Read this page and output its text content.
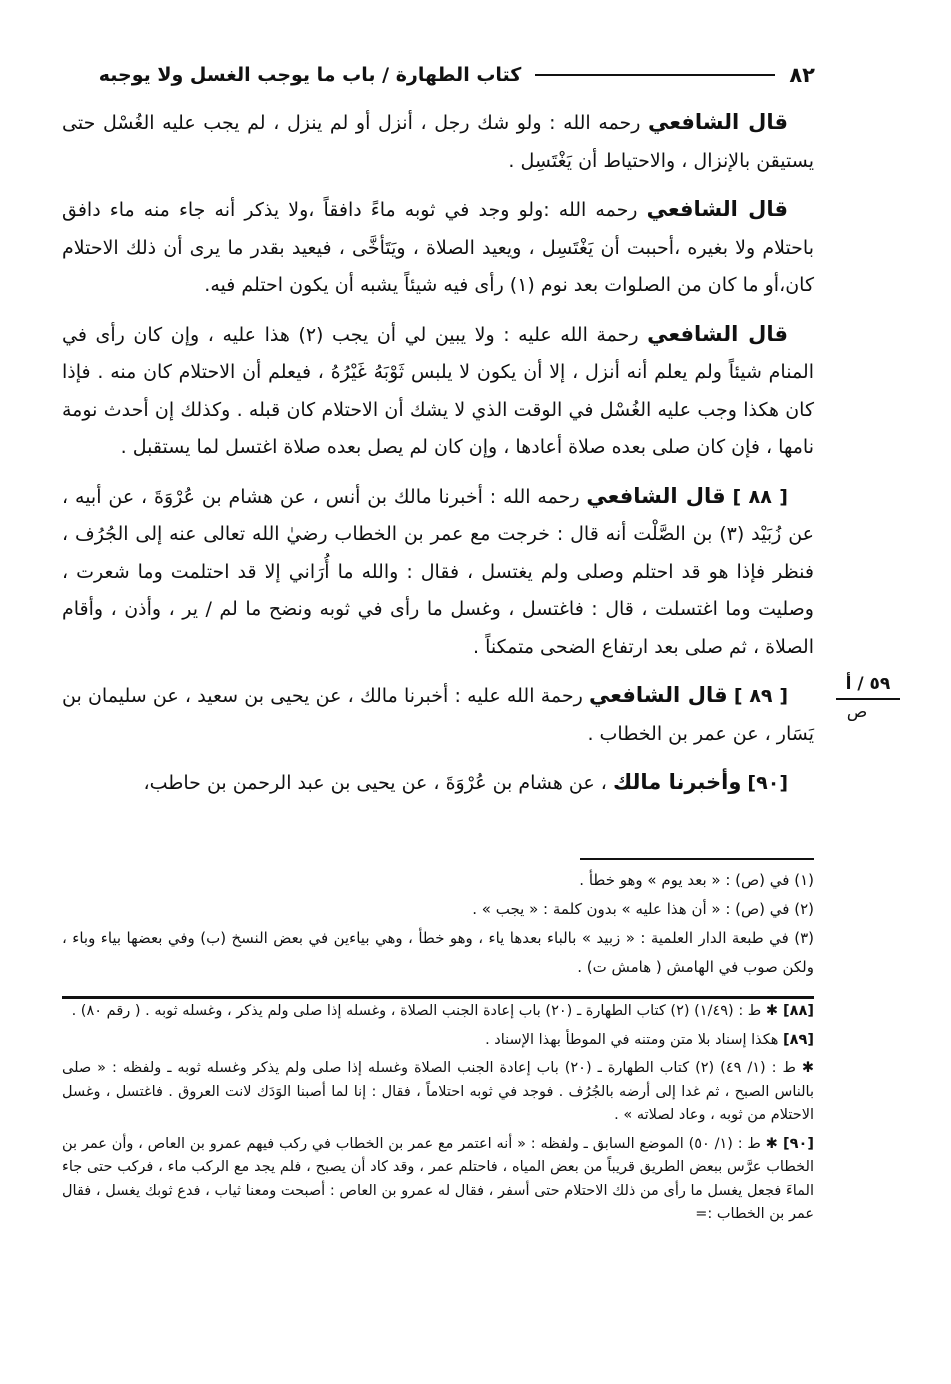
٨٢
كتاب الطهارة / باب ما يوجب الغسل ولا يوجبه

قال الشافعي رحمه الله : ولو شك رجل ، أنزل أو لم ينزل ، لم يجب عليه الغُسْل حتى يستيقن بالإنزال ، والاحتياط أن يَغْتَسِل .

قال الشافعي رحمه الله :ولو وجد في ثوبه ماءً دافقاً ،ولا يذكر أنه جاء منه ماء دافق باحتلام ولا بغيره ،أحببت أن يَغْتَسِل ، ويعيد الصلاة ، ويَتَأخَّى ، فيعيد بقدر ما يرى أن ذلك الاحتلام كان،أو ما كان من الصلوات بعد نوم (١) رأى فيه شيئاً يشبه أن يكون احتلم فيه.

قال الشافعي رحمة الله عليه : ولا يبين لي أن يجب (٢) هذا عليه ، وإن كان رأى في المنام شيئاً ولم يعلم أنه أنزل ، إلا أن يكون لا يلبس ثَوْبَهُ غَيْرُهُ ، فيعلم أن الاحتلام كان منه . فإذا كان هكذا وجب عليه الغُسْل في الوقت الذي لا يشك أن الاحتلام كان قبله . وكذلك إن أحدث نومة نامها ، فإن كان صلى بعده صلاة أعادها ، وإن كان لم يصل بعده صلاة اغتسل لما يستقبل .

[ ٨٨ ] قال الشافعي رحمه الله : أخبرنا مالك بن أنس ، عن هشام بن عُرْوَةَ ، عن أبيه ، عن زُبَيْد (٣) بن الصَّلْت أنه قال : خرجت مع عمر بن الخطاب رضيٰ الله تعالى عنه إلى الجُرُف ، فنظر فإذا هو قد احتلم وصلى ولم يغتسل ، فقال : والله ما أُرَاني إلا قد احتلمت وما شعرت ، وصليت وما اغتسلت ، قال : فاغتسل ، وغسل ما رأى في ثوبه ونضح ما لم / ير ، وأذن ، وأقام الصلاة ، ثم صلى بعد ارتفاع الضحى متمكناً .

[ ٨٩ ] قال الشافعي رحمة الله عليه : أخبرنا مالك ، عن يحيى بن سعيد ، عن سليمان بن يَسَار ، عن عمر بن الخطاب .

[٩٠] وأخبرنا مالك ، عن هشام بن عُرْوَةَ ، عن يحيى بن عبد الرحمن بن حاطب،

٥٩ / أ
ص

(١) في (ص) : « بعد يوم » وهو خطأ .

(٢) في (ص) : « أن هذا عليه » بدون كلمة : « يجب » .

(٣) في طبعة الدار العلمية : « زبيد » بالباء بعدها ياء ، وهو خطأ ، وهي بياءين في بعض النسخ (ب) وفي بعضها بياء وباء ، ولكن صوب في الهامش ( هامش ت) .

[٨٨] ✱ ط : (١/٤٩) (٢) كتاب الطهارة ـ (٢٠) باب إعادة الجنب الصلاة ، وغسله إذا صلى ولم يذكر ، وغسله ثوبه . ( رقم ٨٠) .

[٨٩] هكذا إسناد بلا متن ومتنه في الموطأ بهذا الإسناد .

✱ ط : (١/ ٤٩) (٢) كتاب الطهارة ـ (٢٠) باب إعادة الجنب الصلاة وغسله إذا صلى ولم يذكر وغسله ثوبه ـ ولفظه : « صلى بالناس الصبح ، ثم غدا إلى أرضه بالجُرُف . فوجد في ثوبه احتلاماً ، فقال : إنا لما أصبنا الوَدَك لانت العروق . فاغتسل ، وغسل الاحتلام من ثوبه ، وعاد لصلاته » .

[٩٠] ✱ ط : (١/ ٥٠) الموضع السابق ـ ولفظه : « أنه اعتمر مع عمر بن الخطاب في ركب فيهم عمرو بن العاص ، وأن عمر بن الخطاب عرَّس ببعض الطريق قريباً من بعض المياه ، فاحتلم عمر ، وقد كاد أن يصبح ، فلم يجد مع الركب ماء ، فركب حتى جاء الماءَ فجعل يغسل ما رأى من ذلك الاحتلام حتى أسفر ، فقال له عمرو بن العاص : أصبحت ومعنا ثياب ، فدع ثوبك يغسل ، فقال عمر بن الخطاب :=
